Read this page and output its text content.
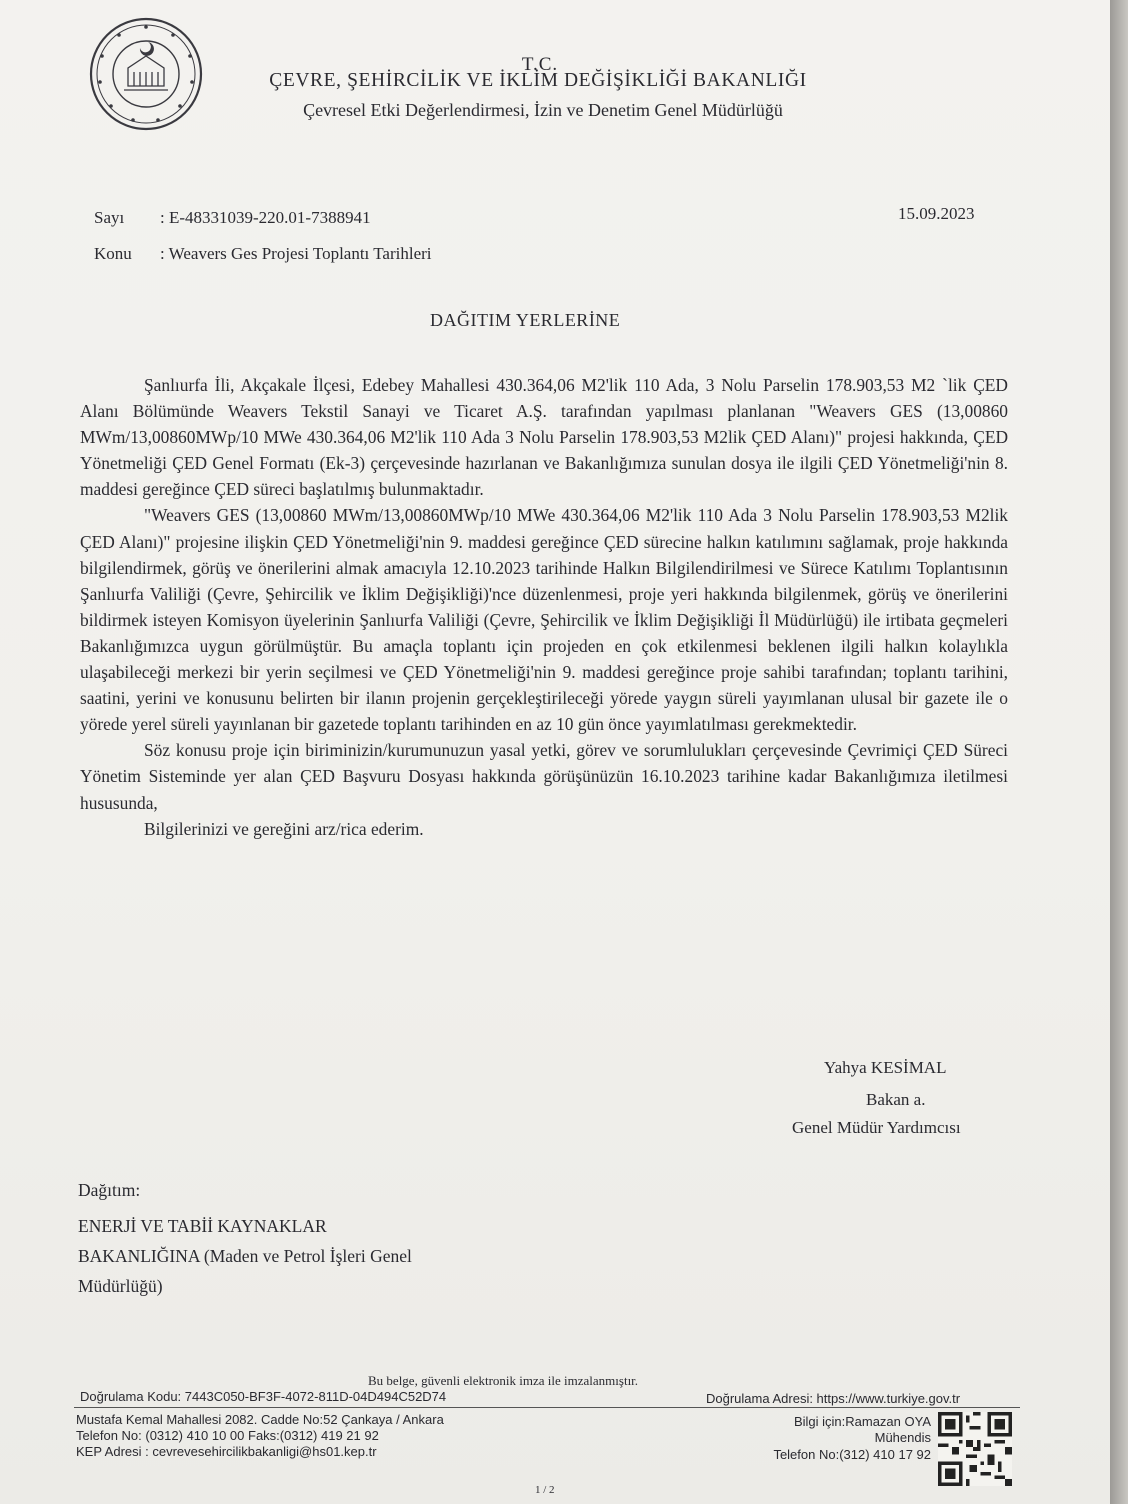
T.C.
ÇEVRE, ŞEHİRCİLİK VE İKLİM DEĞİŞİKLİĞİ BAKANLIĞI
Çevresel Etki Değerlendirmesi, İzin ve Denetim Genel Müdürlüğü
Sayı : E-48331039-220.01-7388941
Konu : Weavers Ges Projesi Toplantı Tarihleri
15.09.2023
DAĞITIM YERLERİNE

Şanlıurfa İli, Akçakale İlçesi, Edebey Mahallesi 430.364,06 M2'lik 110 Ada, 3 Nolu Parselin 178.903,53 M2 `lik ÇED Alanı Bölümünde Weavers Tekstil Sanayi ve Ticaret A.Ş. tarafından yapılması planlanan "Weavers GES (13,00860 MWm/13,00860MWp/10 MWe 430.364,06 M2'lik 110 Ada 3 Nolu Parselin 178.903,53 M2lik ÇED Alanı)" projesi hakkında, ÇED Yönetmeliği ÇED Genel Formatı (Ek-3) çerçevesinde hazırlanan ve Bakanlığımıza sunulan dosya ile ilgili ÇED Yönetmeliği'nin 8. maddesi gereğince ÇED süreci başlatılmış bulunmaktadır.

"Weavers GES (13,00860 MWm/13,00860MWp/10 MWe 430.364,06 M2'lik 110 Ada 3 Nolu Parselin 178.903,53 M2lik ÇED Alanı)" projesine ilişkin ÇED Yönetmeliği'nin 9. maddesi gereğince ÇED sürecine halkın katılımını sağlamak, proje hakkında bilgilendirmek, görüş ve önerilerini almak amacıyla 12.10.2023 tarihinde Halkın Bilgilendirilmesi ve Sürece Katılımı Toplantısının Şanlıurfa Valiliği (Çevre, Şehircilik ve İklim Değişikliği)'nce düzenlenmesi, proje yeri hakkında bilgilenmek, görüş ve önerilerini bildirmek isteyen Komisyon üyelerinin Şanlıurfa Valiliği (Çevre, Şehircilik ve İklim Değişikliği İl Müdürlüğü) ile irtibata geçmeleri Bakanlığımızca uygun görülmüştür. Bu amaçla toplantı için projeden en çok etkilenmesi beklenen ilgili halkın kolaylıkla ulaşabileceği merkezi bir yerin seçilmesi ve ÇED Yönetmeliği'nin 9. maddesi gereğince proje sahibi tarafından; toplantı tarihini, saatini, yerini ve konusunu belirten bir ilanın projenin gerçekleştirileceği yörede yaygın süreli yayımlanan ulusal bir gazete ile o yörede yerel süreli yayınlanan bir gazetede toplantı tarihinden en az 10 gün önce yayımlatılması gerekmektedir.

Söz konusu proje için biriminizin/kurumunuzun yasal yetki, görev ve sorumlulukları çerçevesinde Çevrimiçi ÇED Süreci Yönetim Sisteminde yer alan ÇED Başvuru Dosyası hakkında görüşünüzün 16.10.2023 tarihine kadar Bakanlığımıza iletilmesi hususunda,

Bilgilerinizi ve gereğini arz/rica ederim.

Yahya KESİMAL
Bakan a.
Genel Müdür Yardımcısı
Dağıtım:
ENERJİ VE TABİİ KAYNAKLAR
BAKANLIĞINA (Maden ve Petrol İşleri Genel
Müdürlüğü)
Bu belge, güvenli elektronik imza ile imzalanmıştır.
Doğrulama Kodu: 7443C050-BF3F-4072-811D-04D494C52D74	Doğrulama Adresi: https://www.turkiye.gov.tr
Mustafa Kemal Mahallesi 2082. Cadde No:52 Çankaya / Ankara
Telefon No: (0312) 410 10 00 Faks:(0312) 419 21 92
KEP Adresi : cevrevesehircilikbakanligi@hs01.kep.tr
Bilgi için:Ramazan OYA
Mühendis
Telefon No:(312) 410 17 92
1 / 2
